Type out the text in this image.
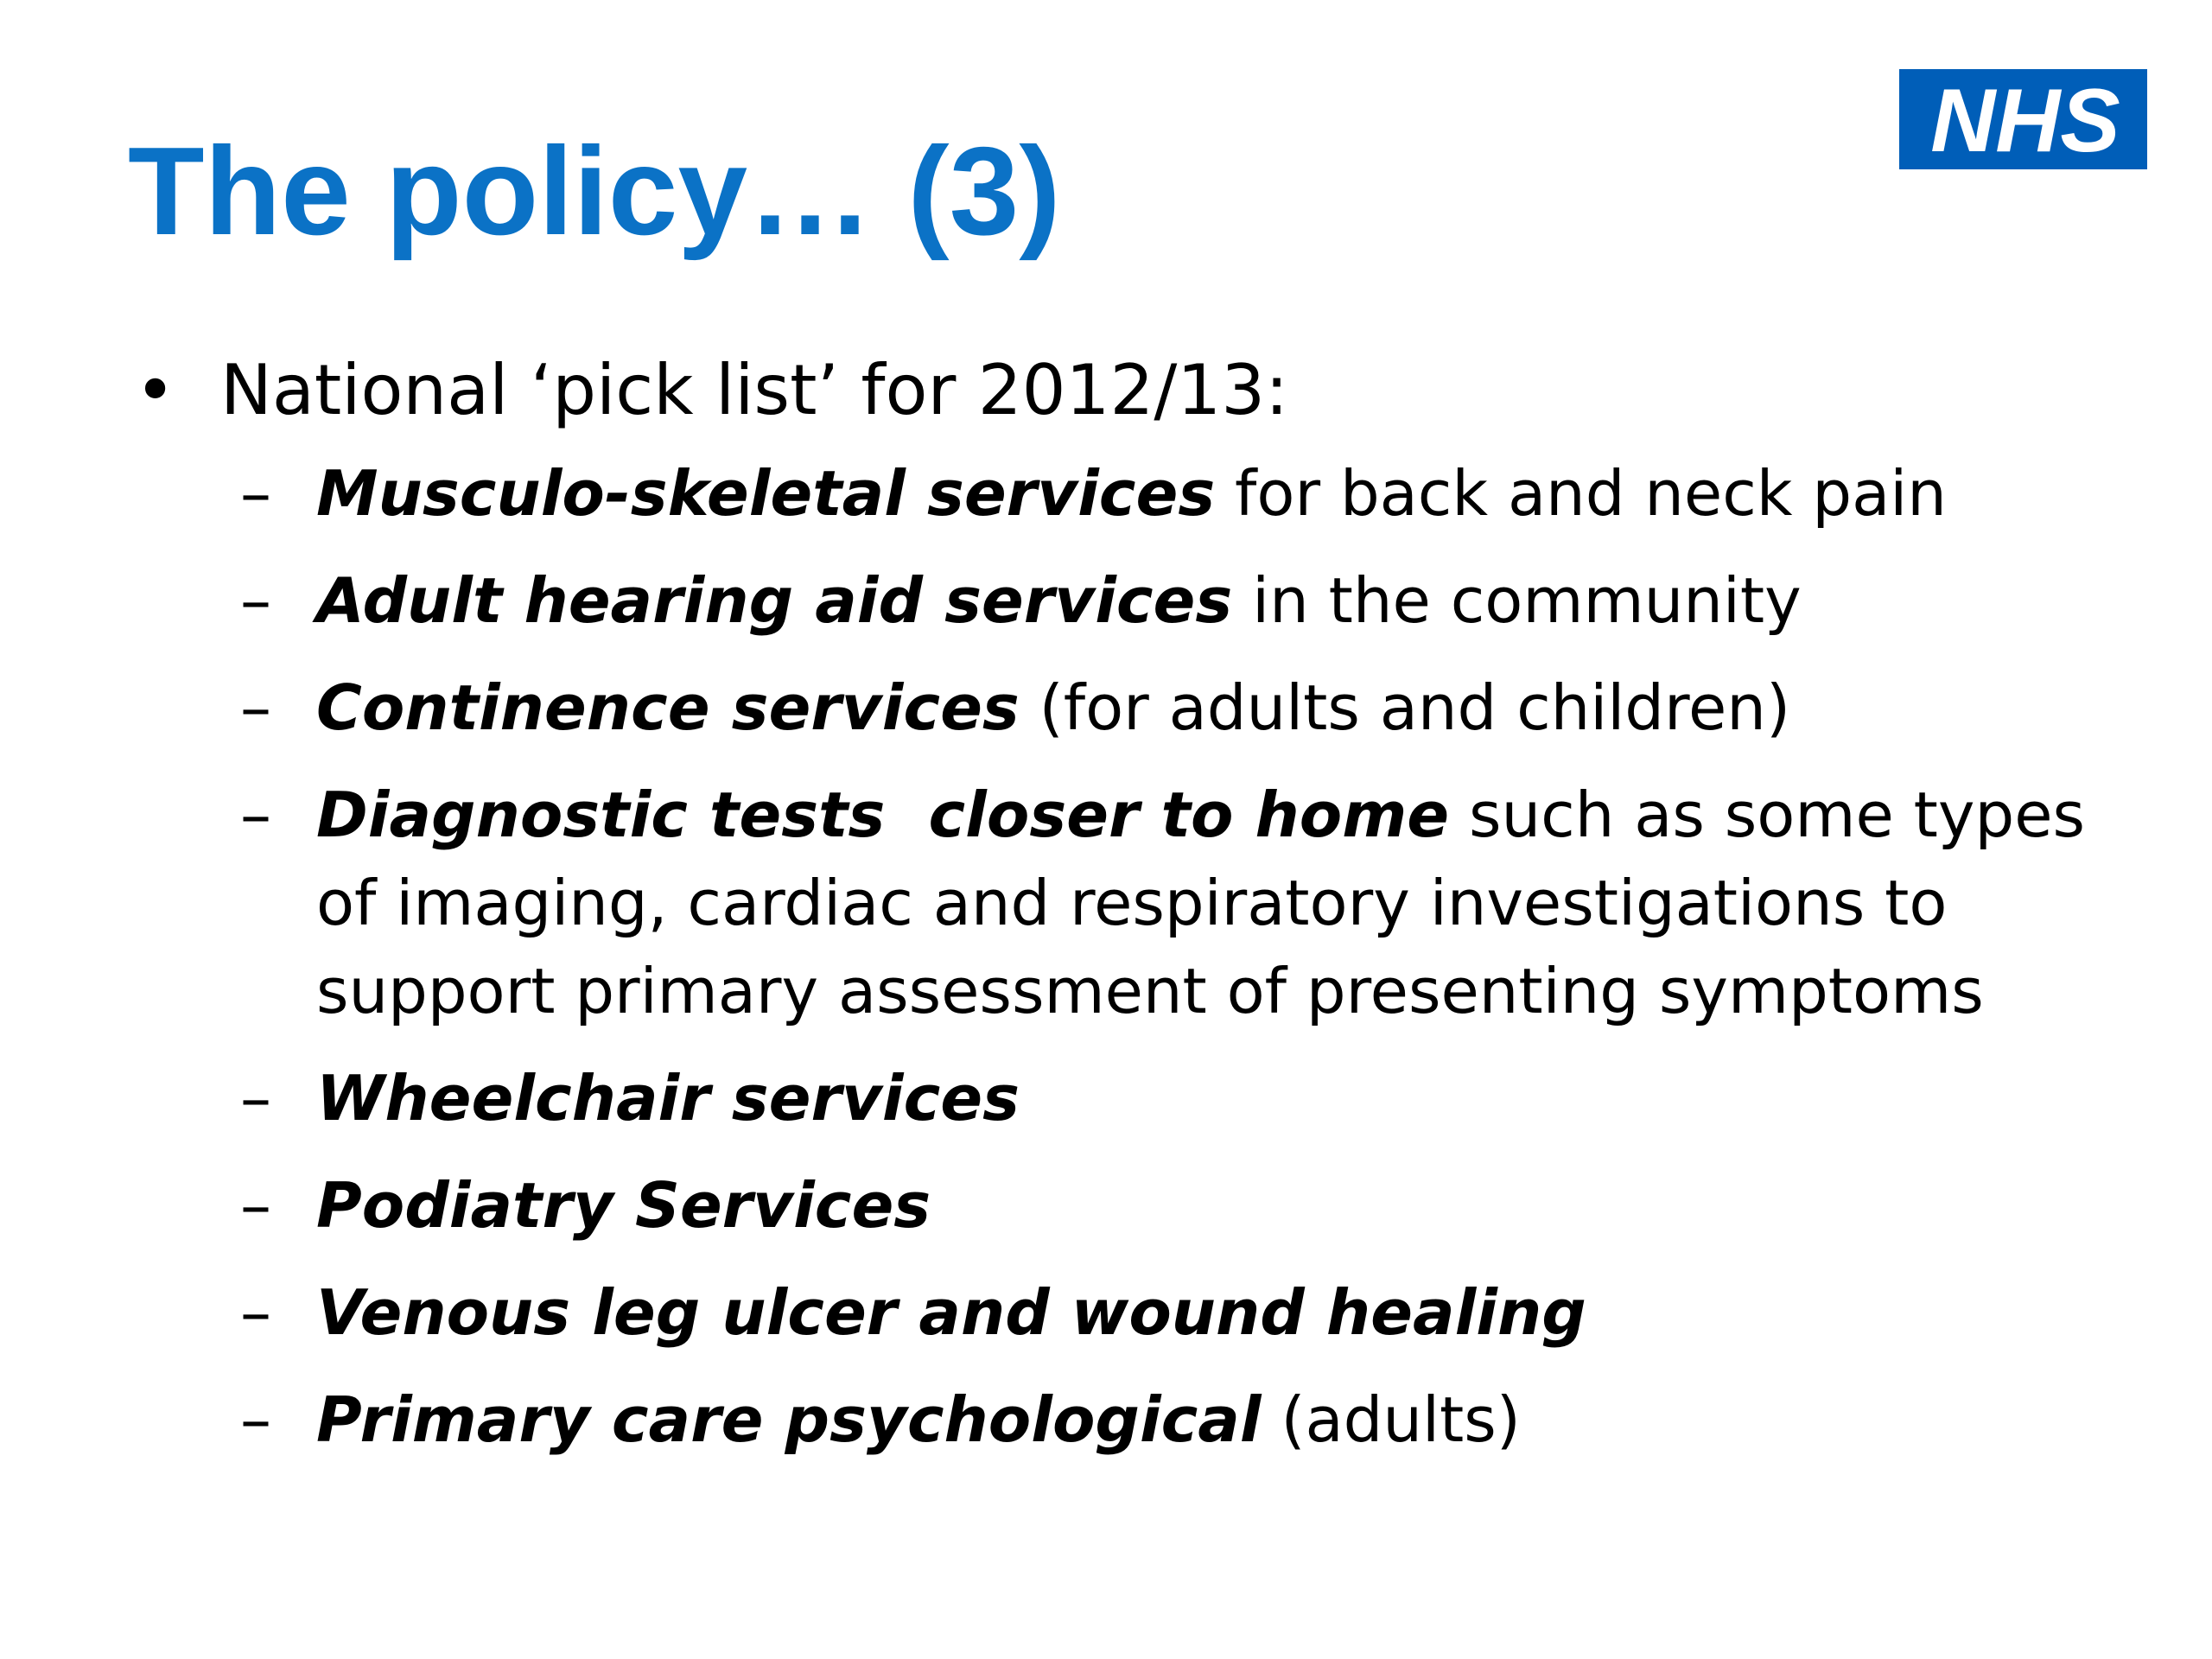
The policy… (3)	NHS
• National ‘pick list’ for 2012/13:
– Musculo-skeletal services for back and neck pain
– Adult hearing aid services in the community
– Continence services (for adults and children)
– Diagnostic tests  closer to home such as some types
of imaging, cardiac and respiratory investigations to
support primary assessment of presenting symptoms
– Wheelchair services
– Podiatry Services
– Venous leg ulcer and wound healing
– Primary care psychological (adults)
